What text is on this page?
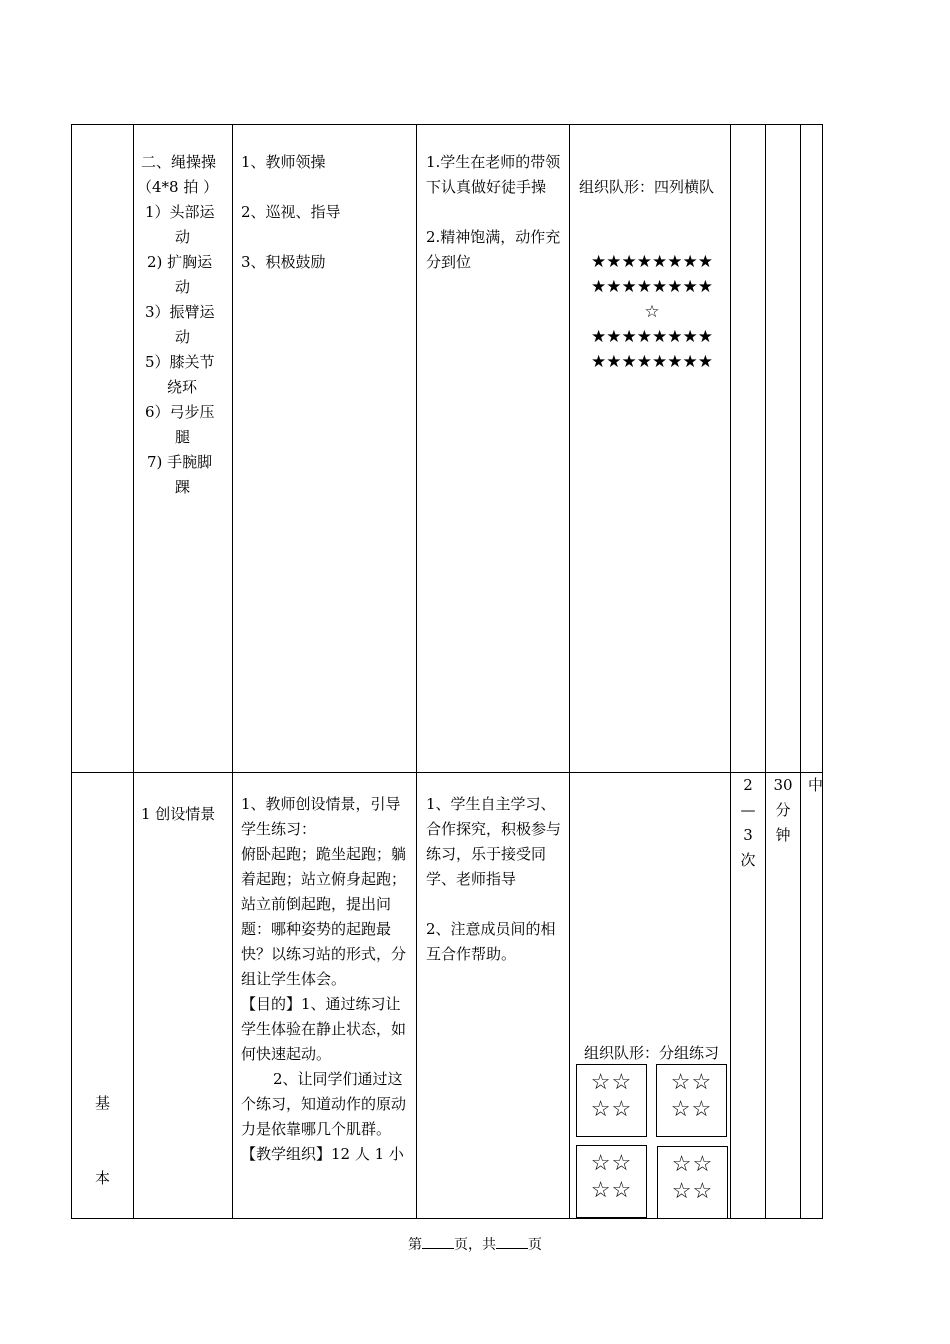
二、绳操操
（4*8 拍 ）
1）头部运
动
2) 扩胸运
动
3）振臂运
动
5）膝关节
绕环
6）弓步压
腿
7) 手腕脚
踝
1、教师领操
2、巡视、指导
3、积极鼓励
1.学生在老师的带领下认真做好徒手操
2.精神饱满，动作充分到位
组织队形：四列横队
★★★★★★★★
★★★★★★★★
☆
★★★★★★★★
★★★★★★★★
基
本
1 创设情景
1、教师创设情景，引导学生练习：
俯卧起跑；跪坐起跑；躺着起跑；站立俯身起跑；站立前倒起跑，提出问题：哪种姿势的起跑最快？以练习站的形式，分组让学生体会。
【目的】1、通过练习让学生体验在静止状态，如何快速起动。
2、让同学们通过这个练习，知道动作的原动力是依靠哪几个肌群。
【教学组织】12 人 1 小
1、学生自主学习、合作探究，积极参与练习，乐于接受同学、老师指导
2、注意成员间的相互合作帮助。
组织队形：分组练习
☆☆
☆☆
☆☆
☆☆
☆☆
☆☆
☆☆
☆☆
2
—
3
次
30
分
钟
中
第 页，共 页
